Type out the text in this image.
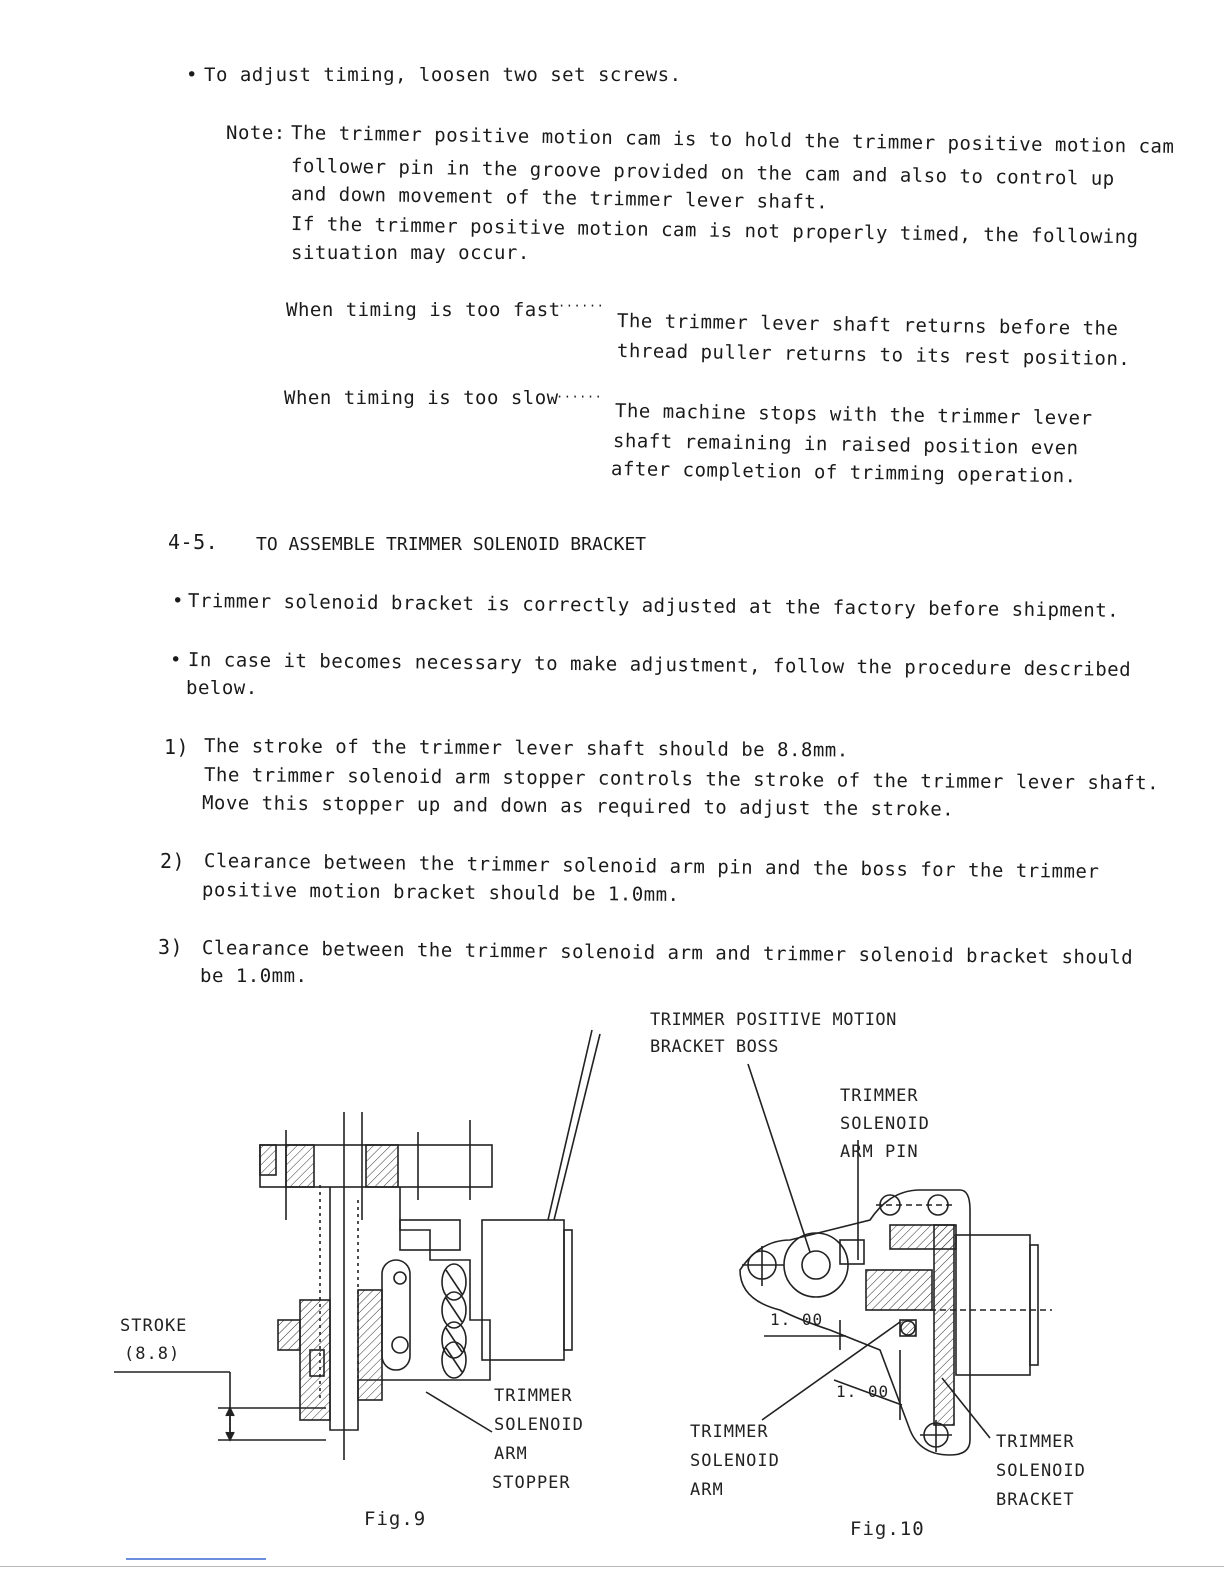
• To adjust timing, loosen two set screws.
Note: The trimmer positive motion cam is to hold the trimmer positive motion cam
follower pin in the groove provided on the cam and also to control up
and down movement of the trimmer lever shaft.
If the trimmer positive motion cam is not properly timed, the following
situation may occur.
When timing is too fast
······
The trimmer lever shaft returns before the
thread puller returns to its rest position.
When timing is too slow
······
The machine stops with the trimmer lever
shaft remaining in raised position even
after completion of trimming operation.
4-5. TO ASSEMBLE TRIMMER SOLENOID BRACKET
• Trimmer solenoid bracket is correctly adjusted at the factory before shipment.
• In case it becomes necessary to make adjustment, follow the procedure described
below.
1) The stroke of the trimmer lever shaft should be 8.8mm.
The trimmer solenoid arm stopper controls the stroke of the trimmer lever shaft.
Move this stopper up and down as required to adjust the stroke.
2) Clearance between the trimmer solenoid arm pin and the boss for the trimmer
positive motion bracket should be 1.0mm.
3) Clearance between the trimmer solenoid arm and trimmer solenoid bracket should
be 1.0mm.
STROKE
(8.8)
TRIMMER
SOLENOID
ARM
STOPPER
Fig.9
TRIMMER POSITIVE MOTION
BRACKET BOSS
TRIMMER
SOLENOID
ARM PIN
1. 00
1. 00
TRIMMER
SOLENOID
ARM
TRIMMER
SOLENOID
BRACKET
Fig.10
